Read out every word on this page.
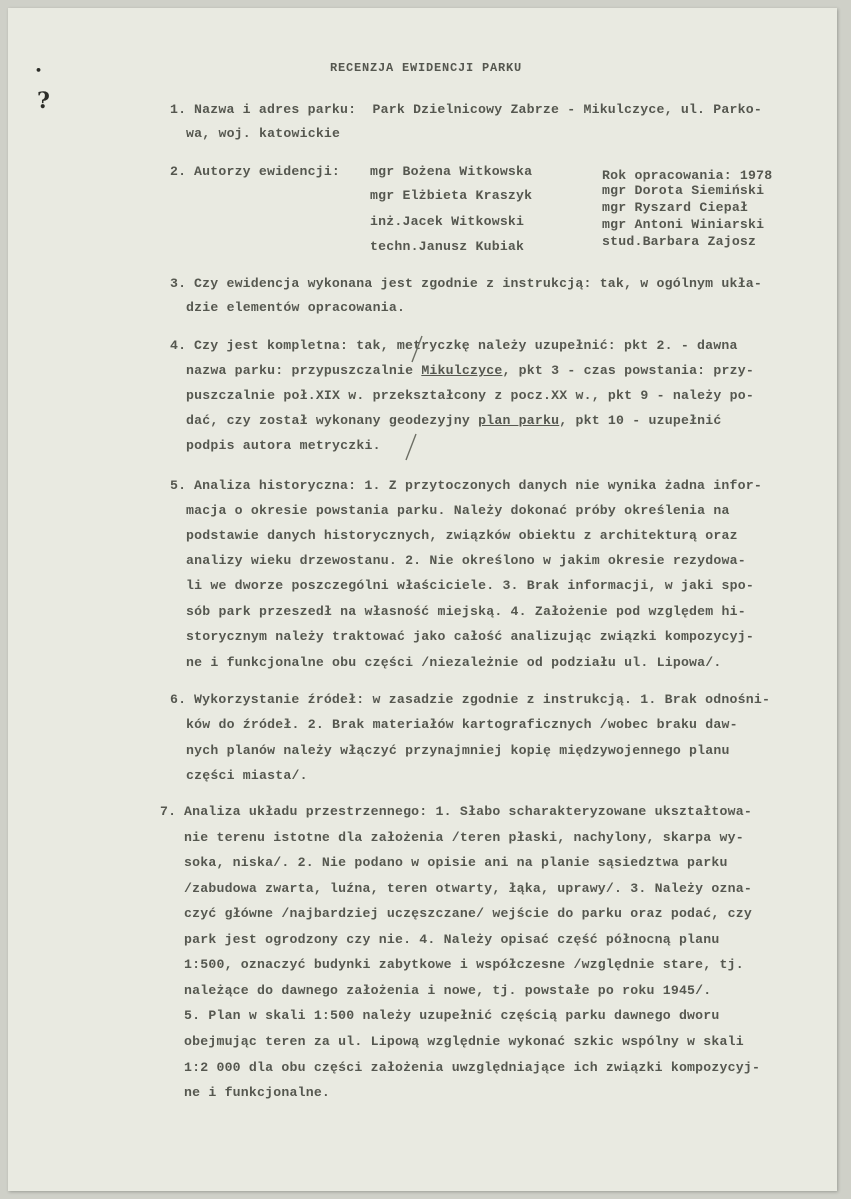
•
?
RECENZJA EWIDENCJI PARKU
1. Nazwa i adres parku:  Park Dzielnicowy Zabrze - Mikulczyce, ul. Parko-
wa, woj. katowickie
2. Autorzy ewidencji: mgr Bożena Witkowska
mgr Elżbieta Kraszyk
inż.Jacek Witkowski
techn.Janusz Kubiak
Rok opracowania: 1978
mgr Dorota Siemiński
mgr Ryszard Ciepał
mgr Antoni Winiarski
stud.Barbara Zajosz
3. Czy ewidencja wykonana jest zgodnie z instrukcją: tak, w ogólnym ukła-
dzie elementów opracowania.
4. Czy jest kompletna: tak, metryczkę należy uzupełnić: pkt 2. - dawna
nazwa parku: przypuszczalnie Mikulczyce, pkt 3 - czas powstania: przy-
puszczalnie poł.XIX w. przekształcony z pocz.XX w., pkt 9 - należy po-
dać, czy został wykonany geodezyjny plan parku, pkt 10 - uzupełnić
podpis autora metryczki.
5. Analiza historyczna: 1. Z przytoczonych danych nie wynika żadna infor-
macja o okresie powstania parku. Należy dokonać próby określenia na
podstawie danych historycznych, związków obiektu z architekturą oraz
analizy wieku drzewostanu. 2. Nie określono w jakim okresie rezydowa-
li we dworze poszczególni właściciele. 3. Brak informacji, w jaki spo-
sób park przeszedł na własność miejską. 4. Założenie pod względem hi-
storycznym należy traktować jako całość analizując związki kompozycyj-
ne i funkcjonalne obu części /niezależnie od podziału ul. Lipowa/.
6. Wykorzystanie źródeł: w zasadzie zgodnie z instrukcją. 1. Brak odnośni-
ków do źródeł. 2. Brak materiałów kartograficznych /wobec braku daw-
nych planów należy włączyć przynajmniej kopię międzywojennego planu
części miasta/.
7. Analiza układu przestrzennego: 1. Słabo scharakteryzowane ukształtowa-
nie terenu istotne dla założenia /teren płaski, nachylony, skarpa wy-
soka, niska/. 2. Nie podano w opisie ani na planie sąsiedztwa parku
/zabudowa zwarta, luźna, teren otwarty, łąka, uprawy/. 3. Należy ozna-
czyć główne /najbardziej uczęszczane/ wejście do parku oraz podać, czy
park jest ogrodzony czy nie. 4. Należy opisać część północną planu
1:500, oznaczyć budynki zabytkowe i współczesne /względnie stare, tj.
należące do dawnego założenia i nowe, tj. powstałe po roku 1945/.
5. Plan w skali 1:500 należy uzupełnić częścią parku dawnego dworu
obejmując teren za ul. Lipową względnie wykonać szkic wspólny w skali
1:2 000 dla obu części założenia uwzględniające ich związki kompozycyj-
ne i funkcjonalne.
